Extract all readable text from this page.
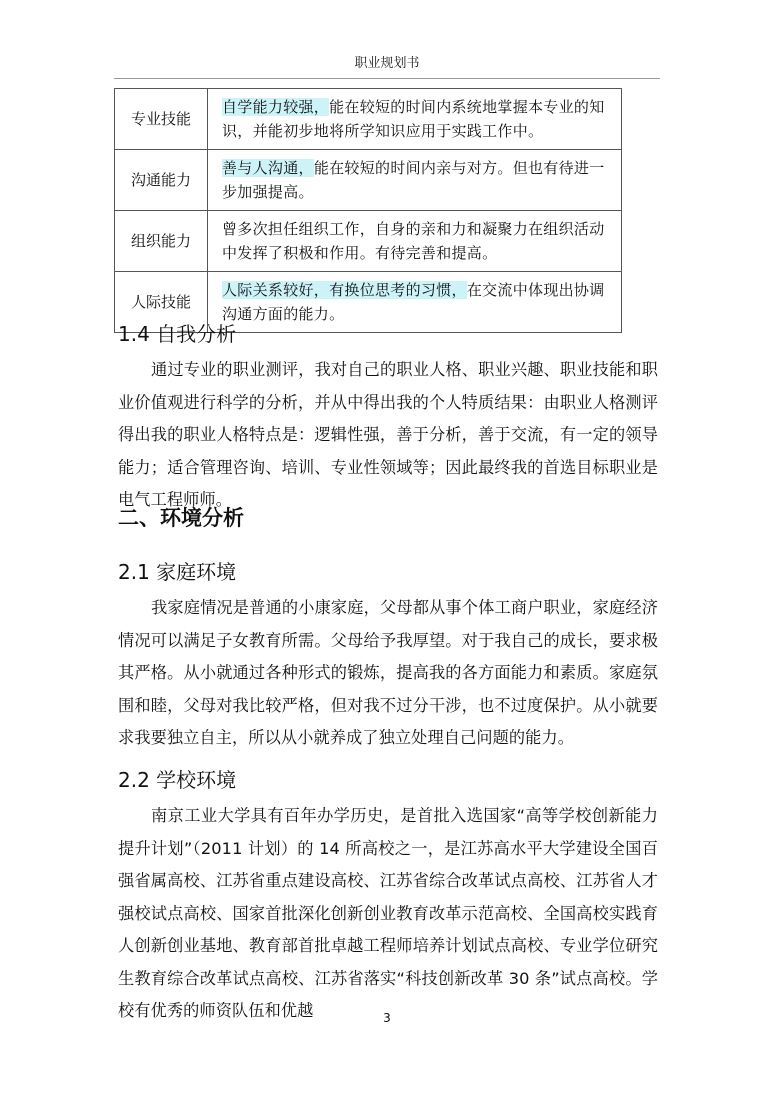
职业规划书
专业技能	自学能力较强，能在较短的时间内系统地掌握本专业的知识，并能初步地将所学知识应用于实践工作中。
沟通能力	善与人沟通，能在较短的时间内亲与对方。但也有待进一步加强提高。
组织能力	曾多次担任组织工作，自身的亲和力和凝聚力在组织活动中发挥了积极和作用。有待完善和提高。
人际技能	人际关系较好，有换位思考的习惯，在交流中体现出协调沟通方面的能力。
1.4 自我分析
通过专业的职业测评，我对自己的职业人格、职业兴趣、职业技能和职业价值观进行科学的分析，并从中得出我的个人特质结果：由职业人格测评得出我的职业人格特点是：逻辑性强，善于分析，善于交流，有一定的领导能力；适合管理咨询、培训、专业性领域等；因此最终我的首选目标职业是电气工程师师。
二、环境分析
2.1 家庭环境
我家庭情况是普通的小康家庭，父母都从事个体工商户职业，家庭经济情况可以满足子女教育所需。父母给予我厚望。对于我自己的成长，要求极其严格。从小就通过各种形式的锻炼，提高我的各方面能力和素质。家庭氛围和睦，父母对我比较严格，但对我不过分干涉，也不过度保护。从小就要求我要独立自主，所以从小就养成了独立处理自己问题的能力。
2.2 学校环境
南京工业大学具有百年办学历史，是首批入选国家“高等学校创新能力提升计划”（2011 计划）的 14 所高校之一，是江苏高水平大学建设全国百强省属高校、江苏省重点建设高校、江苏省综合改革试点高校、江苏省人才强校试点高校、国家首批深化创新创业教育改革示范高校、全国高校实践育人创新创业基地、教育部首批卓越工程师培养计划试点高校、专业学位研究生教育综合改革试点高校、江苏省落实“科技创新改革 30 条”试点高校。学校有优秀的师资队伍和优越	3
